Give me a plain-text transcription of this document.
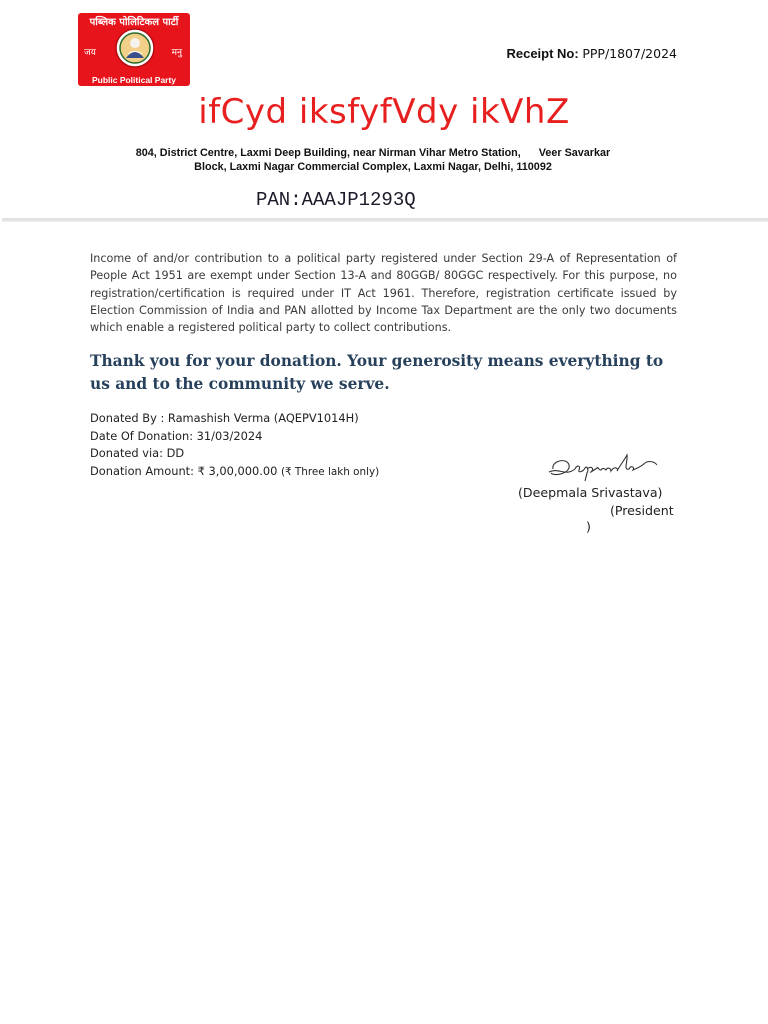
पब्लिक पोलिटिकल पार्टी
जय	मनु
Public Political Party
Receipt No: PPP/1807/2024
ifCyd iksfyfVdy ikVhZ
804, District Centre, Laxmi Deep Building, near Nirman Vihar Metro Station,      Veer Savarkar
Block, Laxmi Nagar Commercial Complex, Laxmi Nagar, Delhi, 110092
PAN:AAAJP1293Q
Income of and/or contribution to a political party registered under Section 29-A of Representation of People Act 1951 are exempt under Section 13-A and 80GGB/ 80GGC respectively. For this purpose, no registration/certification is required under IT Act 1961. Therefore, registration certificate issued by Election Commission of India and PAN allotted by Income Tax Department are the only two documents which enable a registered political party to collect contributions.
Thank you for your donation. Your generosity means everything to us and to the community we serve.
Donated By : Ramashish Verma (AQEPV1014H)
Date Of Donation: 31/03/2024
Donated via: DD
Donation Amount: ₹ 3,00,000.00 (₹ Three lakh only)
(Deepmala Srivastava)
(President
)
